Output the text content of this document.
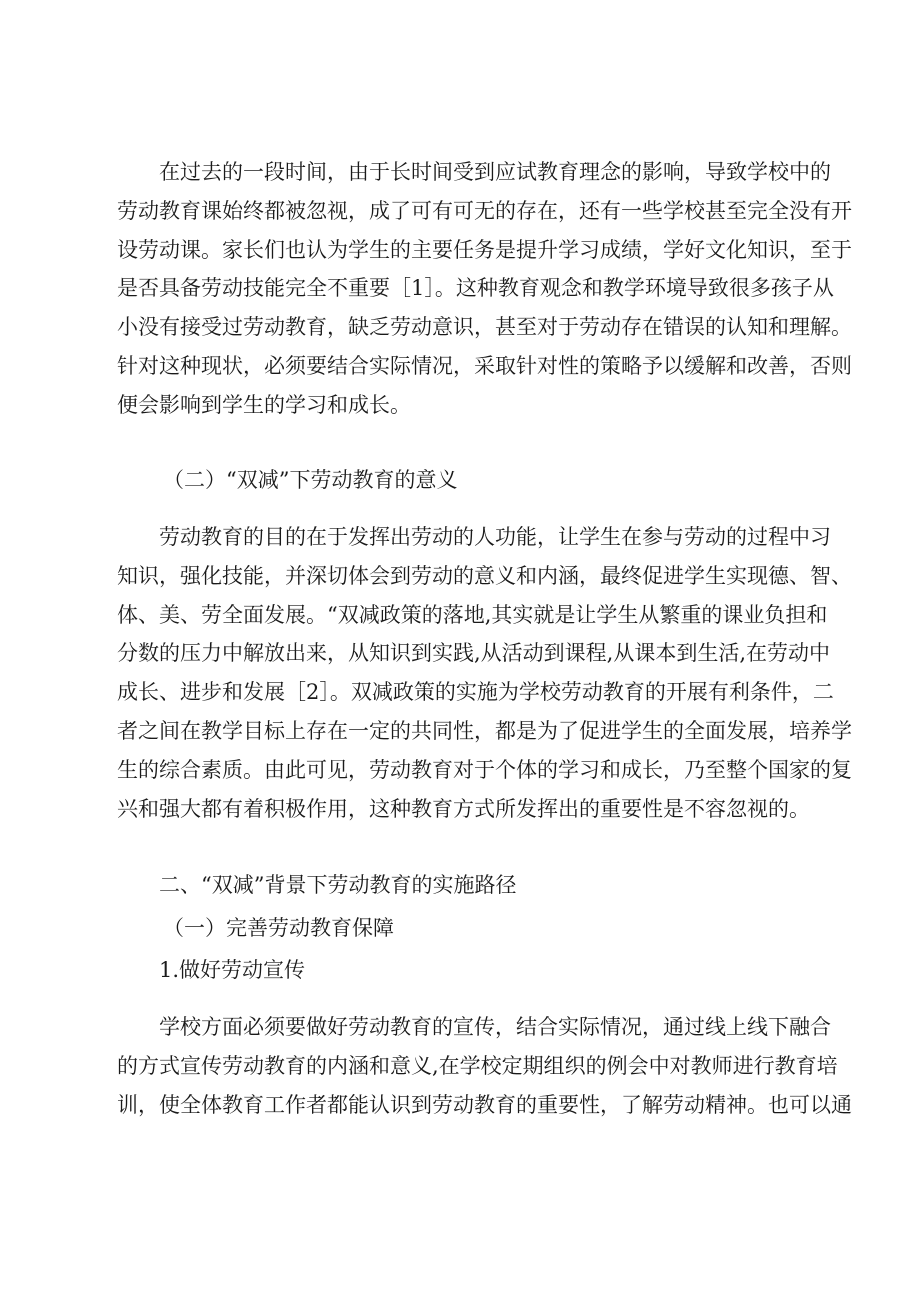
在过去的一段时间，由于长时间受到应试教育理念的影响，导致学校中的
劳动教育课始终都被忽视，成了可有可无的存在，还有一些学校甚至完全没有开
设劳动课。家长们也认为学生的主要任务是提升学习成绩，学好文化知识，至于
是否具备劳动技能完全不重要［1］。这种教育观念和教学环境导致很多孩子从
小没有接受过劳动教育，缺乏劳动意识，甚至对于劳动存在错误的认知和理解。
针对这种现状，必须要结合实际情况，采取针对性的策略予以缓解和改善，否则
便会影响到学生的学习和成长。
（二）“双减”下劳动教育的意义
劳动教育的目的在于发挥出劳动的人功能，让学生在参与劳动的过程中习
知识，强化技能，并深切体会到劳动的意义和内涵，最终促进学生实现德、智、
体、美、劳全面发展。“双减政策的落地,其实就是让学生从繁重的课业负担和
分数的压力中解放出来，从知识到实践,从活动到课程,从课本到生活,在劳动中
成长、进步和发展［2］。双减政策的实施为学校劳动教育的开展有利条件，二
者之间在教学目标上存在一定的共同性，都是为了促进学生的全面发展，培养学
生的综合素质。由此可见，劳动教育对于个体的学习和成长，乃至整个国家的复
兴和强大都有着积极作用，这种教育方式所发挥出的重要性是不容忽视的。
二、“双减”背景下劳动教育的实施路径
（一）完善劳动教育保障
1.做好劳动宣传
学校方面必须要做好劳动教育的宣传，结合实际情况，通过线上线下融合
的方式宣传劳动教育的内涵和意义,在学校定期组织的例会中对教师进行教育培
训，使全体教育工作者都能认识到劳动教育的重要性，了解劳动精神。也可以通
